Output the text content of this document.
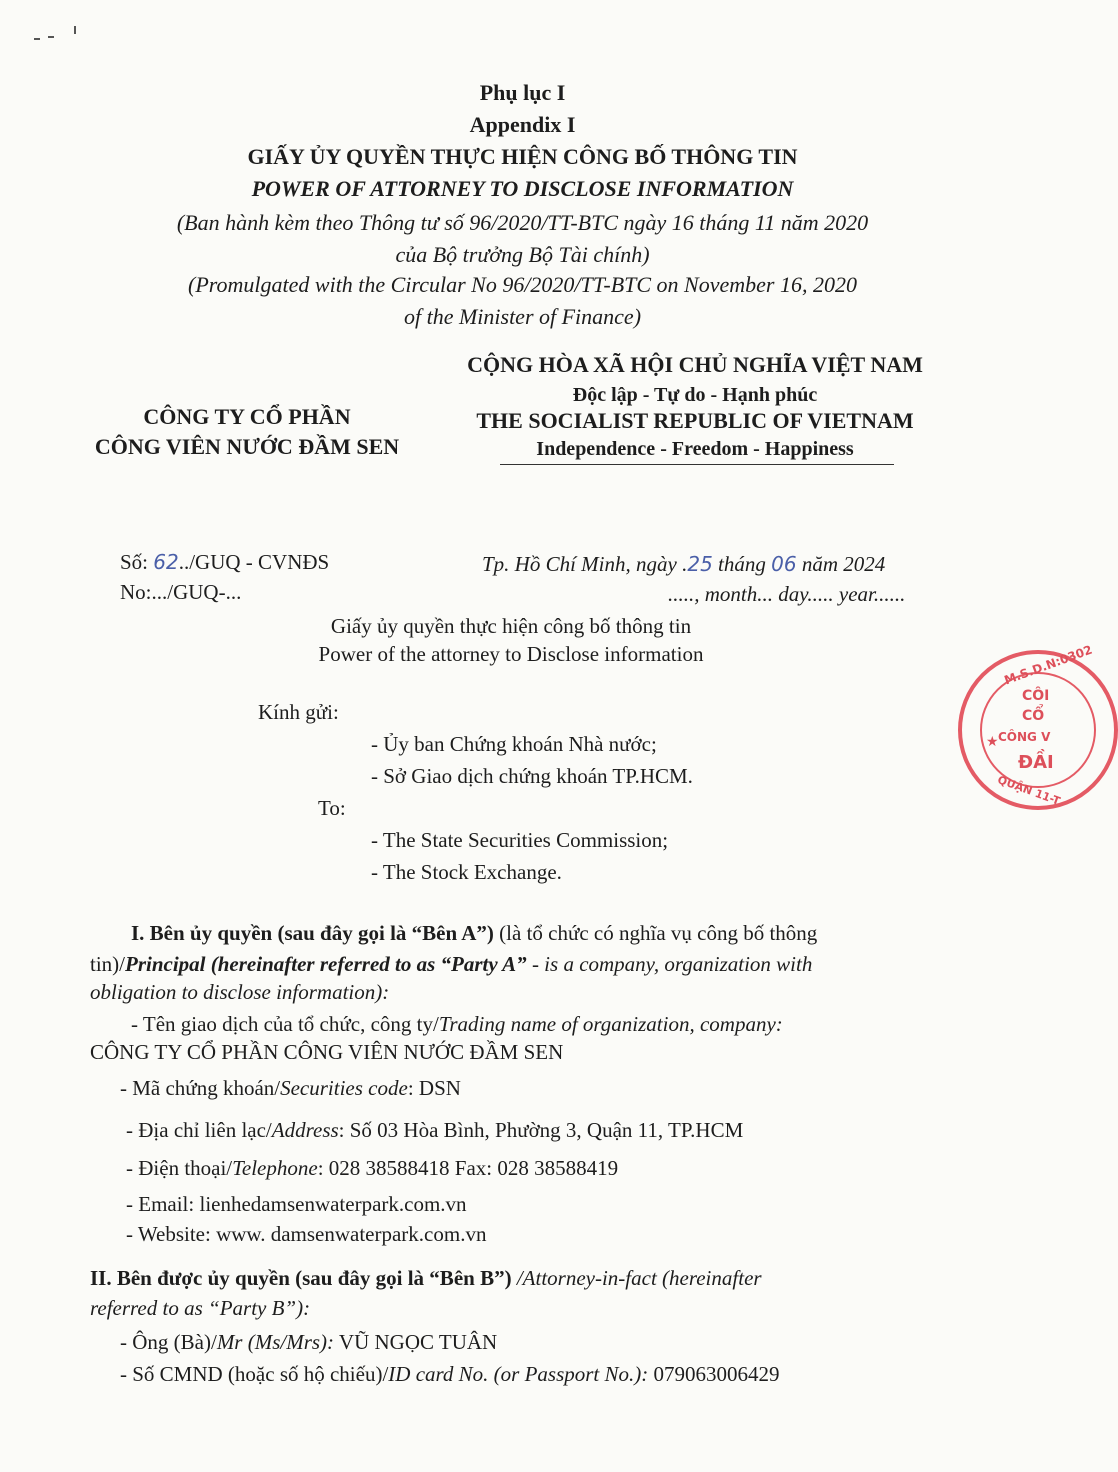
Phụ lục I
Appendix I
GIẤY ỦY QUYỀN THỰC HIỆN CÔNG BỐ THÔNG TIN
POWER OF ATTORNEY TO DISCLOSE INFORMATION
(Ban hành kèm theo Thông tư số 96/2020/TT-BTC ngày 16 tháng 11 năm 2020
của Bộ trưởng Bộ Tài chính)
(Promulgated with the Circular No 96/2020/TT-BTC on November 16, 2020
of the Minister of Finance)
CÔNG TY CỔ PHẦN
CÔNG VIÊN NƯỚC ĐẦM SEN
CỘNG HÒA XÃ HỘI CHỦ NGHĨA VIỆT NAM
Độc lập - Tự do - Hạnh phúc
THE SOCIALIST REPUBLIC OF VIETNAM
Independence - Freedom - Happiness
Số: 62../GUQ - CVNĐS
No:.../GUQ-...
Tp. Hồ Chí Minh, ngày .25 tháng 06 năm 2024
....., month... day..... year......
Giấy ủy quyền thực hiện công bố thông tin
Power of the attorney to Disclose information
Kính gửi:
- Ủy ban Chứng khoán Nhà nước;
- Sở Giao dịch chứng khoán TP.HCM.
To:
- The State Securities Commission;
- The Stock Exchange.
I. Bên ủy quyền (sau đây gọi là “Bên A”) (là tổ chức có nghĩa vụ công bố thông
tin)/Principal (hereinafter referred to as “Party A” - is a company, organization with
obligation to disclose information):
- Tên giao dịch của tổ chức, công ty/Trading name of organization, company:
CÔNG TY CỔ PHẦN CÔNG VIÊN NƯỚC ĐẦM SEN
- Mã chứng khoán/Securities code: DSN
- Địa chỉ liên lạc/Address: Số 03 Hòa Bình, Phường 3, Quận 11, TP.HCM
- Điện thoại/Telephone: 028 38588418 Fax: 028 38588419
- Email: lienhedamsenwaterpark.com.vn
- Website: www. damsenwaterpark.com.vn
II. Bên được ủy quyền (sau đây gọi là “Bên B”) /Attorney-in-fact (hereinafter
referred to as “Party B”):
- Ông (Bà)/Mr (Ms/Mrs): VŨ NGỌC TUÂN
- Số CMND (hoặc số hộ chiếu)/ID card No. (or Passport No.): 079063006429
M.S.D.N:0302
CÔI
CỔ
CÔNG V
★
ĐẦI
QUẬN 11-T
